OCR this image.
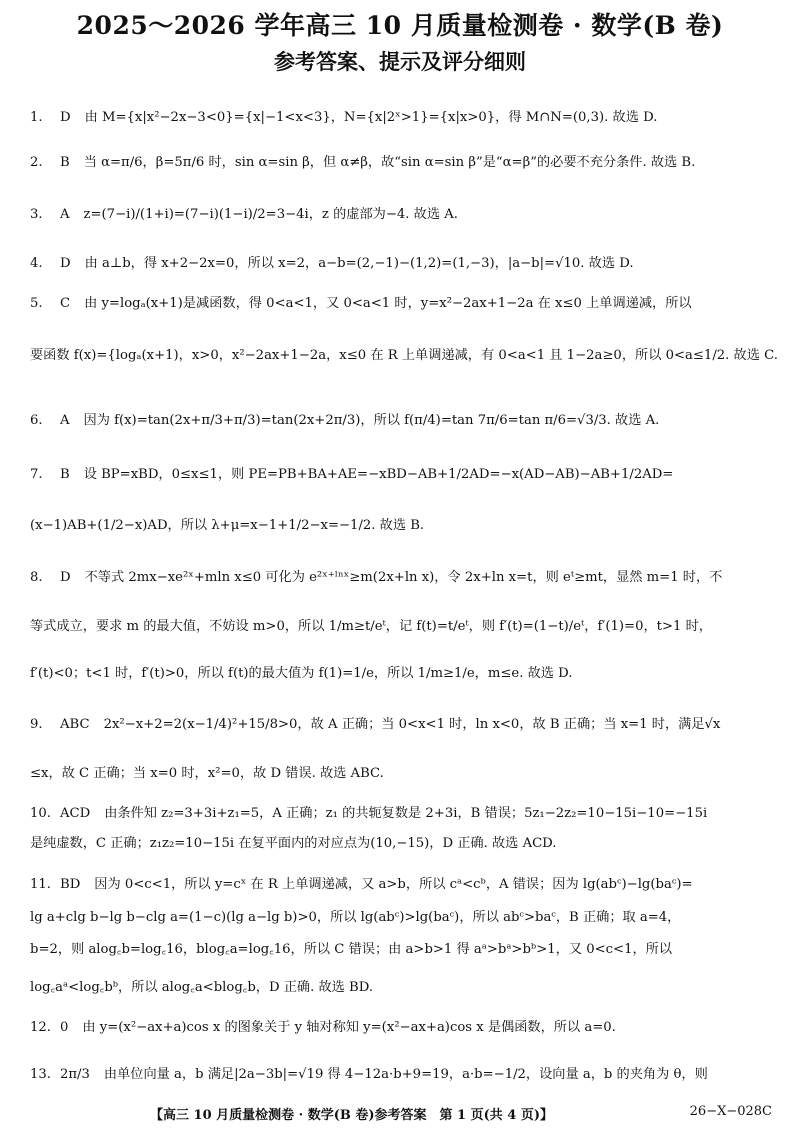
2025～2026 学年高三 10 月质量检测卷 · 数学(B 卷)
参考答案、提示及评分细则
1. D 由 M={x|x²−2x−3<0}={x|−1<x<3}，N={x|2ˣ>1}={x|x>0}，得 M∩N=(0,3). 故选 D.
2. B 当 α=π/6，β=5π/6 时，sin α=sin β，但 α≠β，故“sin α=sin β”是“α=β”的必要不充分条件. 故选 B.
3. A z=(7−i)/(1+i)=(7−i)(1−i)/2=3−4i，z 的虚部为−4. 故选 A.
4. D 由 a⊥b，得 x+2−2x=0，所以 x=2，a−b=(2,−1)−(1,2)=(1,−3)，|a−b|=√10. 故选 D.
5. C 由 y=logₐ(x+1)是减函数，得 0<a<1，又 0<a<1 时，y=x²−2ax+1−2a 在 x≤0 上单调递减，所以
要函数 f(x)={logₐ(x+1)，x>0，x²−2ax+1−2a，x≤0 在 R 上单调递减，有 0<a<1 且 1−2a≥0，所以 0<a≤1/2. 故选 C.
6. A 因为 f(x)=tan(2x+π/3+π/3)=tan(2x+2π/3)，所以 f(π/4)=tan 7π/6=tan π/6=√3/3. 故选 A.
7. B 设 BP=xBD，0≤x≤1，则 PE=PB+BA+AE=−xBD−AB+1/2AD=−x(AD−AB)−AB+1/2AD=
(x−1)AB+(1/2−x)AD，所以 λ+μ=x−1+1/2−x=−1/2. 故选 B.
8. D 不等式 2mx−xe²ˣ+mln x≤0 可化为 e²ˣ⁺ˡⁿˣ≥m(2x+ln x)，令 2x+ln x=t，则 eᵗ≥mt，显然 m=1 时，不
等式成立，要求 m 的最大值，不妨设 m>0，所以 1/m≥t/eᵗ，记 f(t)=t/eᵗ，则 f′(t)=(1−t)/eᵗ，f′(1)=0，t>1 时，
f′(t)<0；t<1 时，f′(t)>0，所以 f(t)的最大值为 f(1)=1/e，所以 1/m≥1/e，m≤e. 故选 D.
9. ABC 2x²−x+2=2(x−1/4)²+15/8>0，故 A 正确；当 0<x<1 时，ln x<0，故 B 正确；当 x=1 时，满足√x
≤x，故 C 正确；当 x=0 时，x²=0，故 D 错误. 故选 ABC.
10. ACD 由条件知 z₂=3+3i+z₁=5，A 正确；z₁ 的共轭复数是 2+3i，B 错误；5z₁−2z₂=10−15i−10=−15i
是纯虚数，C 正确；z₁z₂=10−15i 在复平面内的对应点为(10,−15)，D 正确. 故选 ACD.
11. BD 因为 0<c<1，所以 y=cˣ 在 R 上单调递减，又 a>b，所以 cᵃ<cᵇ，A 错误；因为 lg(abᶜ)−lg(baᶜ)=
lg a+clg b−lg b−clg a=(1−c)(lg a−lg b)>0，所以 lg(abᶜ)>lg(baᶜ)，所以 abᶜ>baᶜ，B 正确；取 a=4，
b=2，则 alog꜀b=log꜀16，blog꜀a=log꜀16，所以 C 错误；由 a>b>1 得 aᵃ>bᵃ>bᵇ>1，又 0<c<1，所以
log꜀aᵃ<log꜀bᵇ，所以 alog꜀a<blog꜀b，D 正确. 故选 BD.
12. 0 由 y=(x²−ax+a)cos x 的图象关于 y 轴对称知 y=(x²−ax+a)cos x 是偶函数，所以 a=0.
13. 2π/3 由单位向量 a，b 满足|2a−3b|=√19 得 4−12a·b+9=19，a·b=−1/2，设向量 a，b 的夹角为 θ，则
【高三 10 月质量检测卷 · 数学(B 卷)参考答案　第 1 页(共 4 页)】	26−X−028C
